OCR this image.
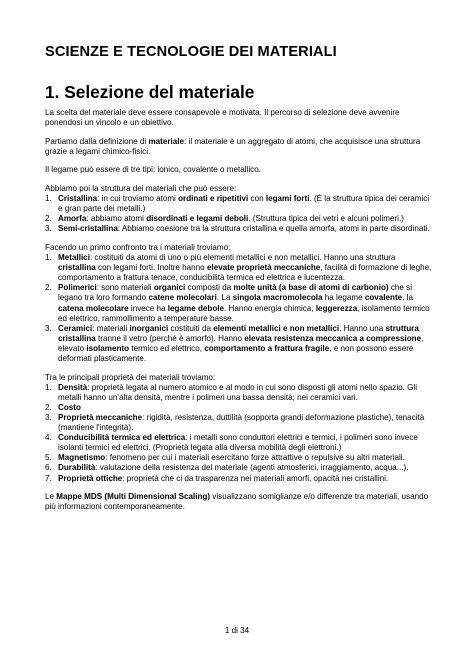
SCIENZE E TECNOLOGIE DEI MATERIALI
1. Selezione del materiale

La scelta del materiale deve essere consapevole e motivata. Il percorso di selezione deve avvenire ponendosi un vincolo e un obiettivo.

Partiamo dalla definizione di materiale: il materiale è un aggregato di atomi, che acquisisce una struttura grazie a legami chimico-fisici.

Il legame può essere di tre tipi: ionico, covalente o metallico.

Abbiamo poi la struttura dei materiali che può essere:

1. Cristallina: in cui troviamo atomi ordinati e ripetitivi con legami forti. (È la struttura tipica dei ceramici e gran parte dei metalli.)
2. Amorfa: abbiamo atomi disordinati e legami deboli. (Struttura tipica dei vetri e alcuni polimeri.)
3. Semi-cristallina: Abbiamo coesione tra la struttura cristallina e quella amorfa, atomi in parte disordinati.

Facendo un primo confronto tra i materiali troviamo:

1. Metallici: costituiti da atomi di uno o più elementi metallici e non metallici. Hanno una struttura cristallina con legami forti. Inoltre hanno elevate proprietà meccaniche, facilità di formazione di leghe, comportamento a frattura tenace, conducibilità termica ed elettrica e lucentezza.
2. Polimerici: sono materiali organici composti da molte unità (a base di atomi di carbonio) che si legano tra loro formando catene molecolari. La singola macromolecola ha legame covalente, la catena molecolare invece ha legame debole. Hanno energia chimica, leggerezza, isolamento termico ed elettrico, rammollimento a temperature basse.
3. Ceramici: materiali inorganici costituiti da elementi metallici e non metallici. Hanno una struttura cristallina tranne il vetro (perché è amorfo). Hanno elevata resistenza meccanica a compressione, elevato isolamento termico ed elettrico, comportamento a frattura fragile, e non possono essere deformati plasticamente.

Tra le principali proprietà dei materiali troviamo:

1. Densità: proprietà legata al numero atomico e al modo in cui sono disposti gli atomi nello spazio. Gli metalli hanno un'alta densità, mentre i polimeri una bassa densità; nei ceramici vari.
2. Costo
3. Proprietà meccaniche: rigidità, resistenza, duttilità (sopporta grandi deformazione plastiche), tenacità (mantiene l'integrità).
4. Conducibilità termica ed elettrica: i metalli sono conduttori elettrici e termici, i polimeri sono invece isolanti termici ed elettrici. (Proprietà legata alla diversa mobilità degli elettroni.)
5. Magnetismo: fenomeno per cui i materiali esercitano forze attrattive o repulsive su altri materiali.
6. Durabilità: valutazione della resistenza del materiale (agenti atmosferici, irraggiamento, acqua...).
7. Proprietà ottiche: proprietà che ci da trasparenza nei materiali amorfi, opacità nei cristallini.

Le Mappe MDS (Multi Dimensional Scaling) visualizzano somiglianze e/o differenze tra materiali, usando più informazioni contemporaneamente.

1 di 34
